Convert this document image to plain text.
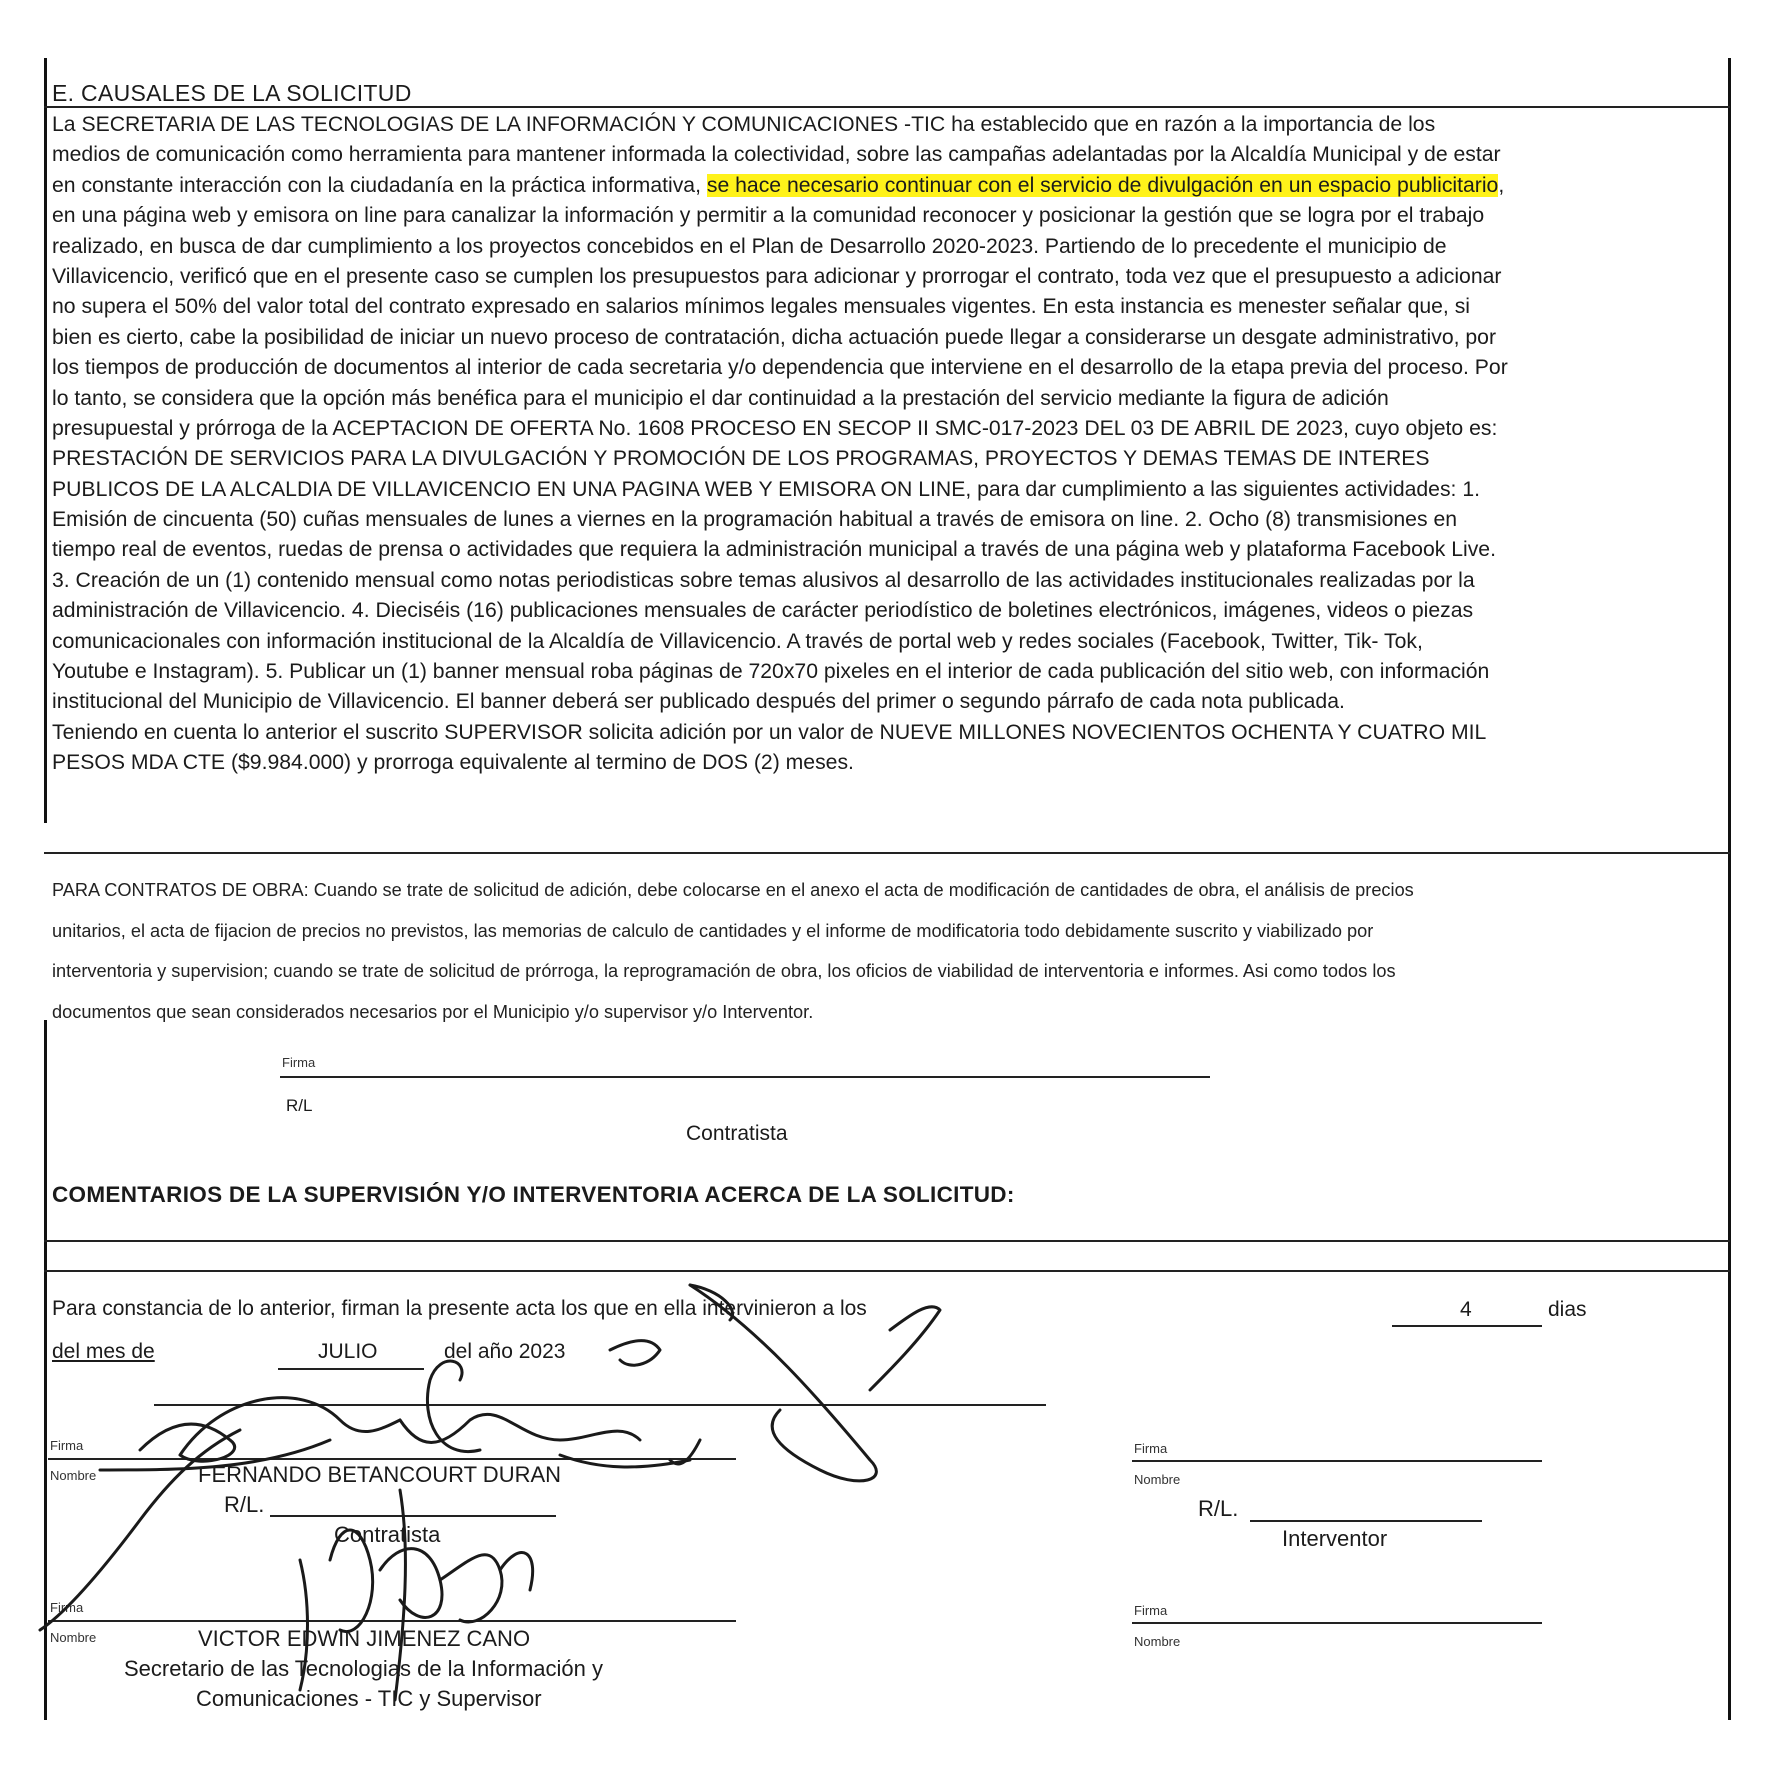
E. CAUSALES DE LA SOLICITUD
La SECRETARIA DE LAS TECNOLOGIAS DE LA INFORMACIÓN Y COMUNICACIONES -TIC ha establecido que en razón a la importancia de los
medios de comunicación como herramienta para mantener informada la colectividad, sobre las campañas adelantadas por la Alcaldía Municipal y de estar
en constante interacción con la ciudadanía en la práctica informativa, se hace necesario continuar con el servicio de divulgación en un espacio publicitario,
en una página web y emisora on line para canalizar la información y permitir a la comunidad reconocer y posicionar la gestión que se logra por el trabajo
realizado, en busca de dar cumplimiento a los proyectos concebidos en el Plan de Desarrollo 2020-2023. Partiendo de lo precedente el municipio de
Villavicencio, verificó que en el presente caso se cumplen los presupuestos para adicionar y prorrogar el contrato, toda vez que el presupuesto a adicionar
no supera el 50% del valor total del contrato expresado en salarios mínimos legales mensuales vigentes. En esta instancia es menester señalar que, si
bien es cierto, cabe la posibilidad de iniciar un nuevo proceso de contratación, dicha actuación puede llegar a considerarse un desgate administrativo, por
los tiempos de producción de documentos al interior de cada secretaria y/o dependencia que interviene en el desarrollo de la etapa previa del proceso. Por
lo tanto, se considera que la opción más benéfica para el municipio el dar continuidad a la prestación del servicio mediante la figura de adición
presupuestal y prórroga de la ACEPTACION DE OFERTA No. 1608 PROCESO EN SECOP II SMC-017-2023 DEL 03 DE ABRIL DE 2023, cuyo objeto es:
PRESTACIÓN DE SERVICIOS PARA LA DIVULGACIÓN Y PROMOCIÓN DE LOS PROGRAMAS, PROYECTOS Y DEMAS TEMAS DE INTERES
PUBLICOS DE LA ALCALDIA DE VILLAVICENCIO EN UNA PAGINA WEB Y EMISORA ON LINE, para dar cumplimiento a las siguientes actividades: 1.
Emisión de cincuenta (50) cuñas mensuales de lunes a viernes en la programación habitual a través de emisora on line. 2. Ocho (8) transmisiones en
tiempo real de eventos, ruedas de prensa o actividades que requiera la administración municipal a través de una página web y plataforma Facebook Live.
3. Creación de un (1) contenido mensual como notas periodisticas sobre temas alusivos al desarrollo de las actividades institucionales realizadas por la
administración de Villavicencio. 4. Dieciséis (16) publicaciones mensuales de carácter periodístico de boletines electrónicos, imágenes, videos o piezas
comunicacionales con información institucional de la Alcaldía de Villavicencio. A través de portal web y redes sociales (Facebook, Twitter, Tik- Tok,
Youtube e Instagram). 5. Publicar un (1) banner mensual roba páginas de 720x70 pixeles en el interior de cada publicación del sitio web, con información
institucional del Municipio de Villavicencio. El banner deberá ser publicado después del primer o segundo párrafo de cada nota publicada.
Teniendo en cuenta lo anterior el suscrito SUPERVISOR solicita adición por un valor de NUEVE MILLONES NOVECIENTOS OCHENTA Y CUATRO MIL
PESOS MDA CTE ($9.984.000) y prorroga equivalente al termino de DOS (2) meses.
PARA CONTRATOS DE OBRA: Cuando se trate de solicitud de adición, debe colocarse en el anexo el acta de modificación de cantidades de obra, el análisis de precios
unitarios, el acta de fijacion de precios no previstos, las memorias de calculo de cantidades y el informe de modificatoria todo debidamente suscrito y viabilizado por
interventoria y supervision; cuando se trate de solicitud de prórroga, la reprogramación de obra, los oficios de viabilidad de interventoria e informes. Asi como todos los
documentos que sean considerados necesarios por el Municipio y/o supervisor y/o Interventor.
Firma
R/L
Contratista
COMENTARIOS DE LA SUPERVISIÓN Y/O INTERVENTORIA ACERCA DE LA SOLICITUD:
Para constancia de lo anterior, firman la presente acta los que en ella intervinieron a los	4	dias
del mes de	JULIO	del año 2023
Firma
Nombre	FERNANDO BETANCOURT DURAN
R/L.
Contratista
Firma
Nombre	VICTOR EDWIN JIMENEZ CANO
Secretario de las Tecnologias de la Información y
Comunicaciones - TIC y Supervisor
Firma
Nombre
R/L.
Interventor
Firma
Nombre
